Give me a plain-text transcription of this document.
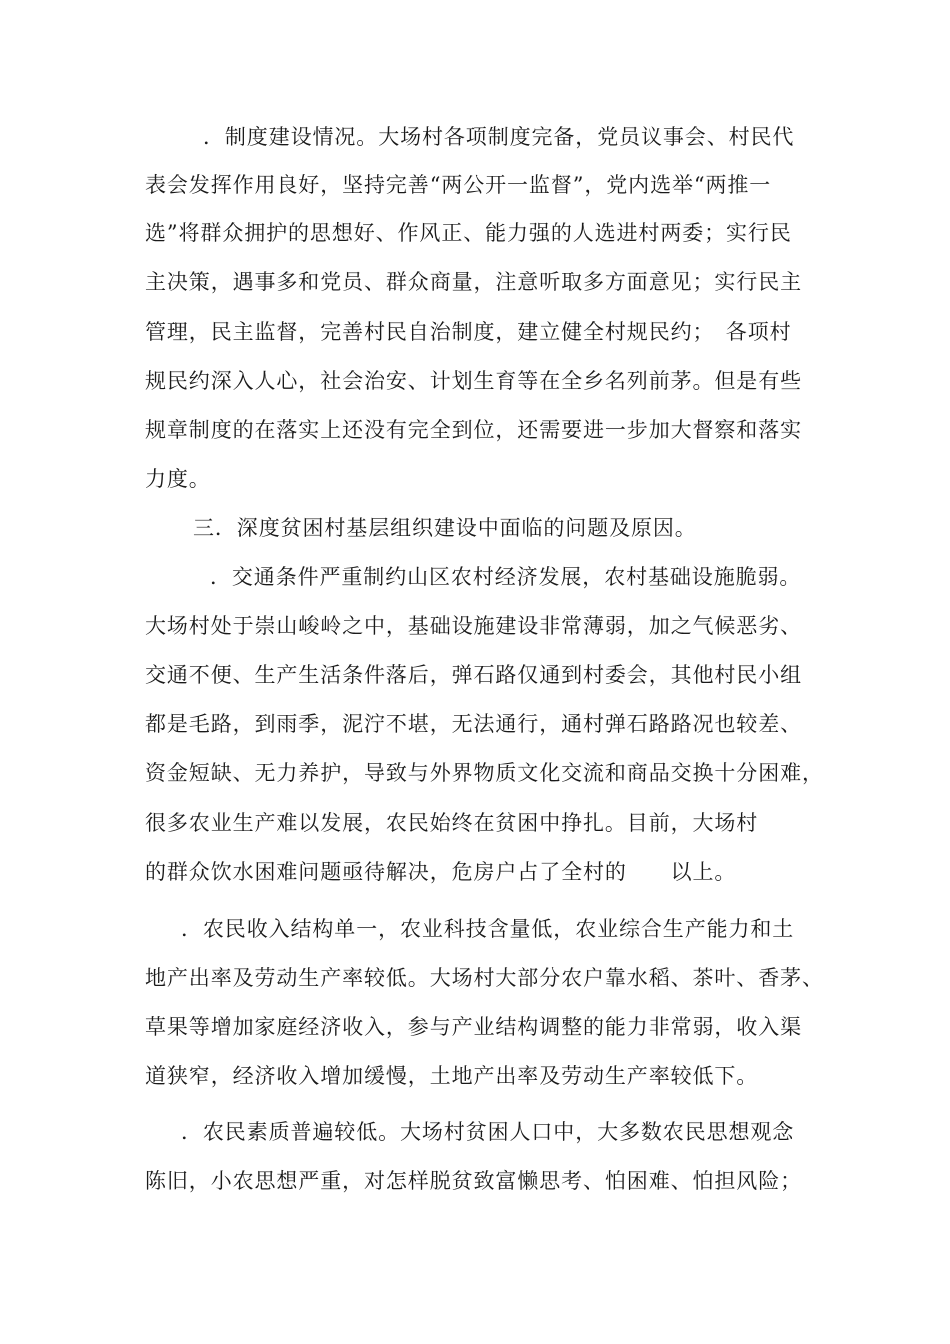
．制度建设情况。大场村各项制度完备，党员议事会、村民代
表会发挥作用良好，坚持完善“两公开一监督”，党内选举“两推一
选”将群众拥护的思想好、作风正、能力强的人选进村两委；实行民
主决策，遇事多和党员、群众商量，注意听取多方面意见；实行民主
管理，民主监督，完善村民自治制度，建立健全村规民约；　各项村
规民约深入人心，社会治安、计划生育等在全乡名列前茅。但是有些
规章制度的在落实上还没有完全到位，还需要进一步加大督察和落实
力度。
三．深度贫困村基层组织建设中面临的问题及原因。
．交通条件严重制约山区农村经济发展，农村基础设施脆弱。
大场村处于崇山峻岭之中，基础设施建设非常薄弱，加之气候恶劣、
交通不便、生产生活条件落后，弹石路仅通到村委会，其他村民小组
都是毛路，到雨季，泥泞不堪，无法通行，通村弹石路路况也较差、
资金短缺、无力养护，导致与外界物质文化交流和商品交换十分困难，
很多农业生产难以发展，农民始终在贫困中挣扎。目前，大场村
的群众饮水困难问题亟待解决，危房户占了全村的　　以上。
．农民收入结构单一，农业科技含量低，农业综合生产能力和土
地产出率及劳动生产率较低。大场村大部分农户靠水稻、茶叶、香茅、
草果等增加家庭经济收入，参与产业结构调整的能力非常弱，收入渠
道狭窄，经济收入增加缓慢，土地产出率及劳动生产率较低下。
．农民素质普遍较低。大场村贫困人口中，大多数农民思想观念
陈旧，小农思想严重，对怎样脱贫致富懒思考、怕困难、怕担风险；
